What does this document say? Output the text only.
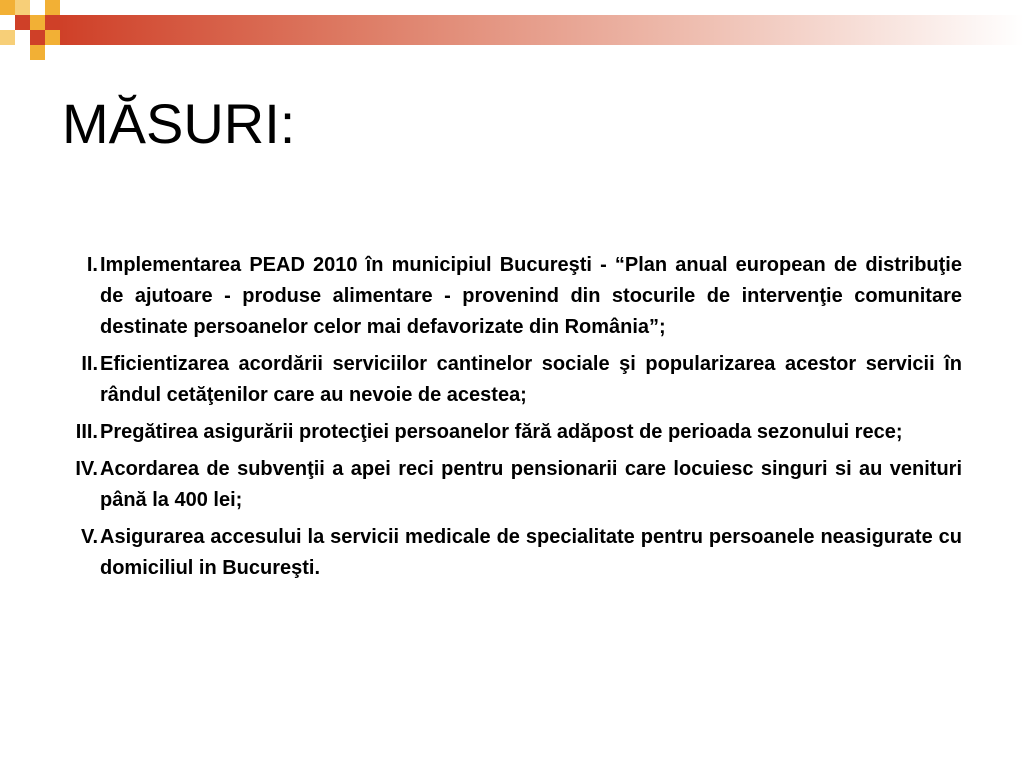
MĂSURI:
I. Implementarea PEAD 2010 în municipiul Bucureşti - “Plan anual european de distribuţie de ajutoare - produse alimentare - provenind din stocurile de intervenţie comunitare destinate persoanelor celor mai defavorizate din România”;
II. Eficientizarea acordării serviciilor cantinelor sociale şi popularizarea acestor servicii în rândul cetăţenilor care au nevoie de acestea;
III. Pregătirea asigurării protecţiei persoanelor fără adăpost de perioada sezonului rece;
IV. Acordarea de subvenţii a apei reci pentru pensionarii care locuiesc singuri si au venituri până la 400 lei;
V. Asigurarea accesului la servicii medicale de specialitate pentru persoanele neasigurate cu domiciliul in Bucureşti.
